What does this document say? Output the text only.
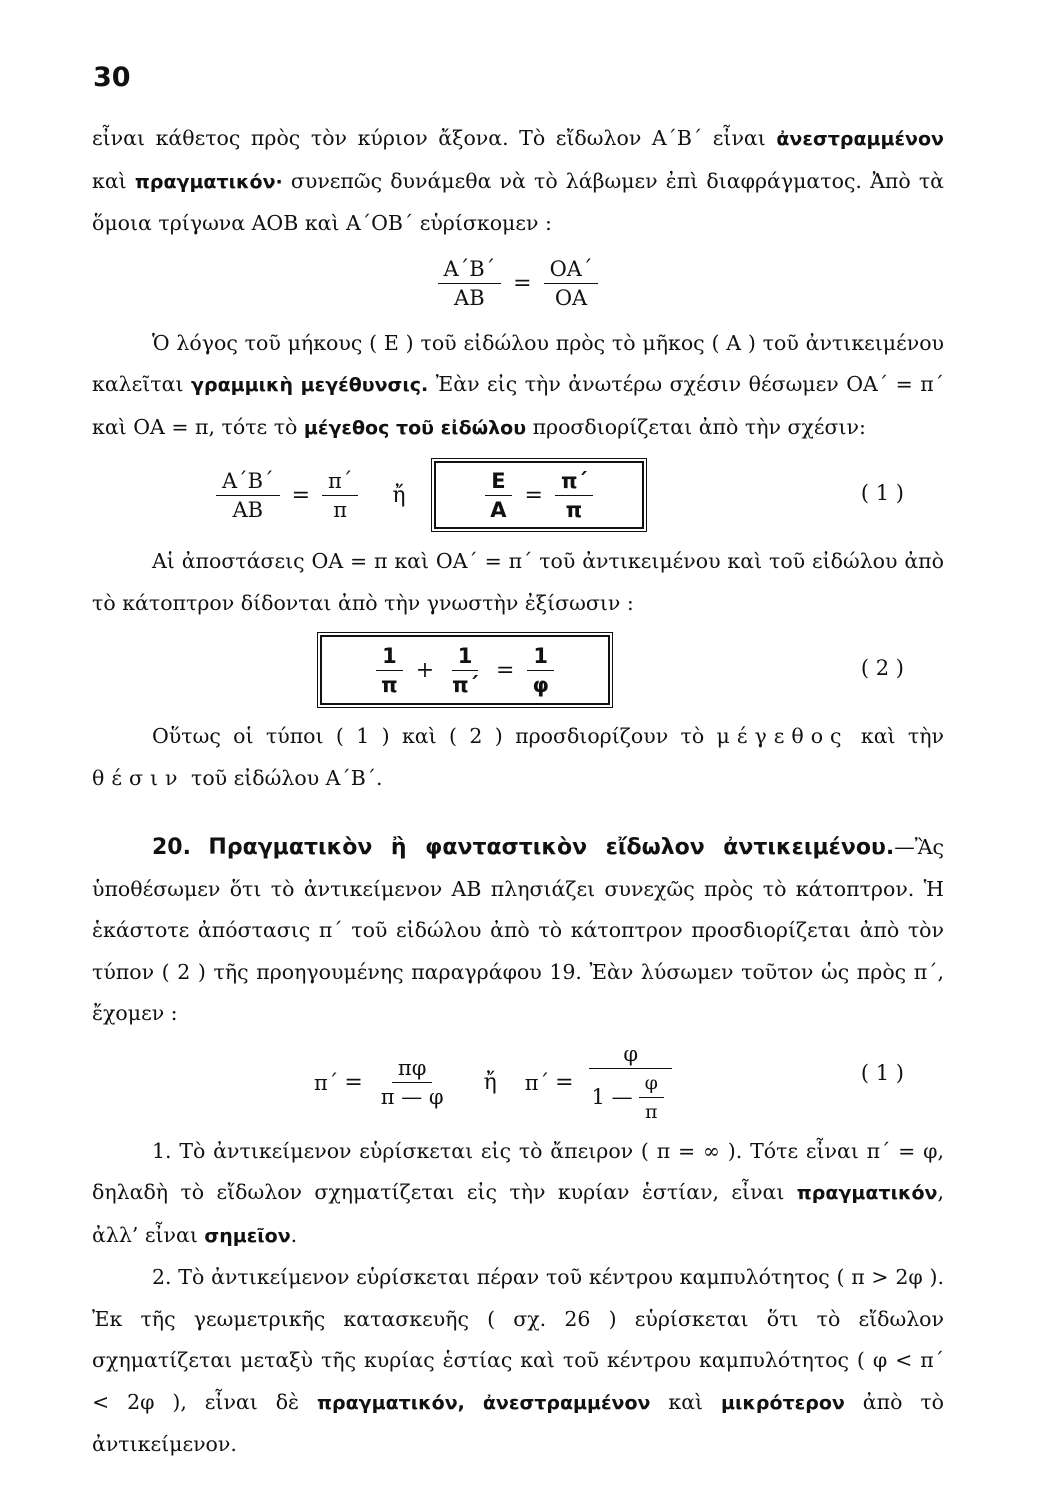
30

εἶναι κάθετος πρὸς τὸν κύριον ἄξονα. Τὸ εἴδωλον Α΄Β΄ εἶναι ἀνεστραμμένον καὶ πραγματικόν· συνεπῶς δυνάμεθα νὰ τὸ λάβωμεν ἐπὶ διαφράγματος. Ἀπὸ τὰ ὅμοια τρίγωνα ΑΟΒ καὶ Α΄ΟΒ΄ εὑρίσκομεν :

$\frac{A΄B΄}{AB} = \frac{OA΄}{OA}$

Ὁ λόγος τοῦ μήκους ( Ε ) τοῦ εἰδώλου πρὸς τὸ μῆκος ( Α ) τοῦ ἀντικειμένου καλεῖται γραμμικὴ μεγέθυνσις. Ἐὰν εἰς τὴν ἀνωτέρω σχέσιν θέσωμεν ΟΑ΄ = π΄ καὶ ΟΑ = π, τότε τὸ μέγεθος τοῦ εἰδώλου προσδιορίζεται ἀπὸ τὴν σχέσιν:

$\frac{A΄B΄}{AB} = \frac{\pi΄}{\pi}$ ἤ	$\frac{E}{A} = \frac{\pi΄}{\pi}$	( 1 )

Αἱ ἀποστάσεις ΟΑ = π καὶ ΟΑ΄ = π΄ τοῦ ἀντικειμένου καὶ τοῦ εἰδώλου ἀπὸ τὸ κάτοπτρον δίδονται ἀπὸ τὴν γνωστὴν ἐξίσωσιν :

$\frac{1}{\pi} + \frac{1}{\pi΄} = \frac{1}{\varphi}$	( 2 )

Οὕτως οἱ τύποι ( 1 ) καὶ ( 2 ) προσδιορίζουν τὸ μέγεθος καὶ τὴν θέσιν τοῦ εἰδώλου Α΄Β΄.

20. Πραγματικὸν ἢ φανταστικὸν εἴδωλον ἀντικειμένου.—Ἂς ὑποθέσωμεν ὅτι τὸ ἀντικείμενον ΑΒ πλησιάζει συνεχῶς πρὸς τὸ κάτοπτρον. Ἡ ἑκάστοτε ἀπόστασις π΄ τοῦ εἰδώλου ἀπὸ τὸ κάτοπτρον προσδιορίζεται ἀπὸ τὸν τύπον ( 2 ) τῆς προηγουμένης παραγράφου 19. Ἐὰν λύσωμεν τοῦτον ὡς πρὸς π΄, ἔχομεν :

$\pi΄ = \frac{\pi\varphi}{\pi — \varphi}$ ἤ $\pi΄ = \frac{\varphi}{1 — \frac{\varphi}{\pi}}$	( 1 )

1. Τὸ ἀντικείμενον εὑρίσκεται εἰς τὸ ἄπειρον ( π = ∞ ). Τότε εἶναι π΄ = φ, δηλαδὴ τὸ εἴδωλον σχηματίζεται εἰς τὴν κυρίαν ἑστίαν, εἶναι πραγματικόν, ἀλλ’ εἶναι σημεῖον.

2. Τὸ ἀντικείμενον εὑρίσκεται πέραν τοῦ κέντρου καμπυλότητος ( π > 2φ ). Ἐκ τῆς γεωμετρικῆς κατασκευῆς ( σχ. 26 ) εὑρίσκεται ὅτι τὸ εἴδωλον σχηματίζεται μεταξὺ τῆς κυρίας ἑστίας καὶ τοῦ κέντρου καμπυλότητος ( φ < π΄ < 2φ ), εἶναι δὲ πραγματικόν, ἀνεστραμμένον καὶ μικρότερον ἀπὸ τὸ ἀντικείμενον.
